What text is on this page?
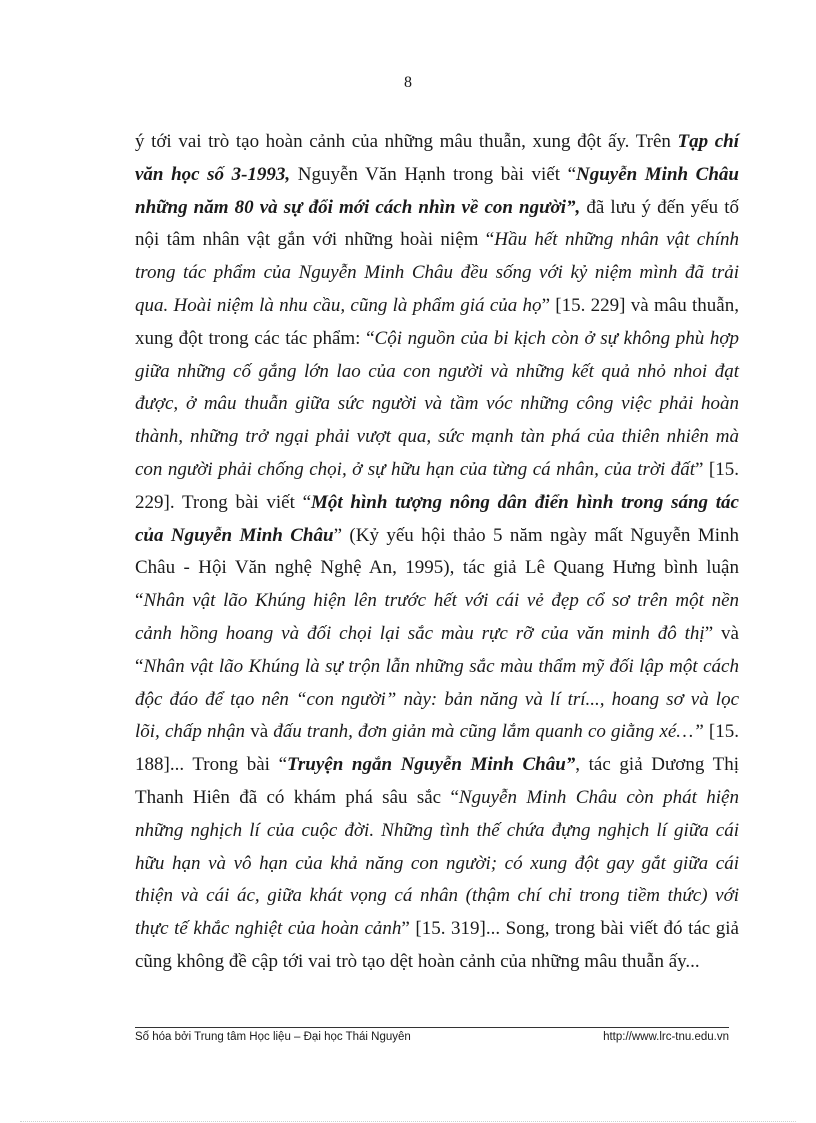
8

ý tới vai trò tạo hoàn cảnh của những mâu thuẫn, xung đột ấy. Trên Tạp chí
văn học số 3-1993, Nguyễn Văn Hạnh trong bài viết “Nguyễn Minh Châu
những năm 80 và sự đổi mới cách nhìn về con người”, đã lưu ý đến yếu tố
nội tâm nhân vật gắn với những hoài niệm “Hầu hết những nhân vật chính
trong tác phẩm của Nguyễn Minh Châu đều sống với kỷ niệm mình đã trải
qua. Hoài niệm là nhu cầu, cũng là phẩm giá của họ” [15. 229] và mâu thuẫn,
xung đột trong các tác phẩm: “Cội nguồn của bi kịch còn ở sự không phù hợp
giữa những cố gắng lớn lao của con người và những kết quả nhỏ nhoi đạt
được, ở mâu thuẫn giữa sức người và tầm vóc những công việc phải hoàn
thành, những trở ngại phải vượt qua, sức mạnh tàn phá của thiên nhiên mà
con người phải chống chọi, ở sự hữu hạn của từng cá nhân, của trời đất” [15.
229]. Trong bài viết “Một hình tượng nông dân điển hình trong sáng tác
của Nguyễn Minh Châu” (Kỷ yếu hội thảo 5 năm ngày mất Nguyễn Minh
Châu - Hội Văn nghệ Nghệ An, 1995), tác giả Lê Quang Hưng bình luận
“Nhân vật lão Khúng hiện lên trước hết với cái vẻ đẹp cổ sơ trên một nền
cảnh hồng hoang và đối chọi lại sắc màu rực rỡ của văn minh đô thị” và
“Nhân vật lão Khúng là sự trộn lẫn những sắc màu thẩm mỹ đối lập một cách
độc đáo để tạo nên “con người” này: bản năng và lí trí..., hoang sơ và lọc
lõi, chấp nhận và đấu tranh, đơn giản mà cũng lắm quanh co giằng xé…” [15.
188]... Trong bài “Truyện ngắn Nguyễn Minh Châu”, tác giả Dương Thị
Thanh Hiên đã có khám phá sâu sắc “Nguyễn Minh Châu còn phát hiện
những nghịch lí của cuộc đời. Những tình thế chứa đựng nghịch lí giữa cái
hữu hạn và vô hạn của khả năng con người; có xung đột gay gắt giữa cái
thiện và cái ác, giữa khát vọng cá nhân (thậm chí chỉ trong tiềm thức) với
thực tế khắc nghiệt của hoàn cảnh” [15. 319]... Song, trong bài viết đó tác giả
cũng không đề cập tới vai trò tạo dệt hoàn cảnh của những mâu thuẫn ấy...

Số hóa bởi Trung tâm Học liệu – Đại học Thái Nguyên	http://www.lrc-tnu.edu.vn
